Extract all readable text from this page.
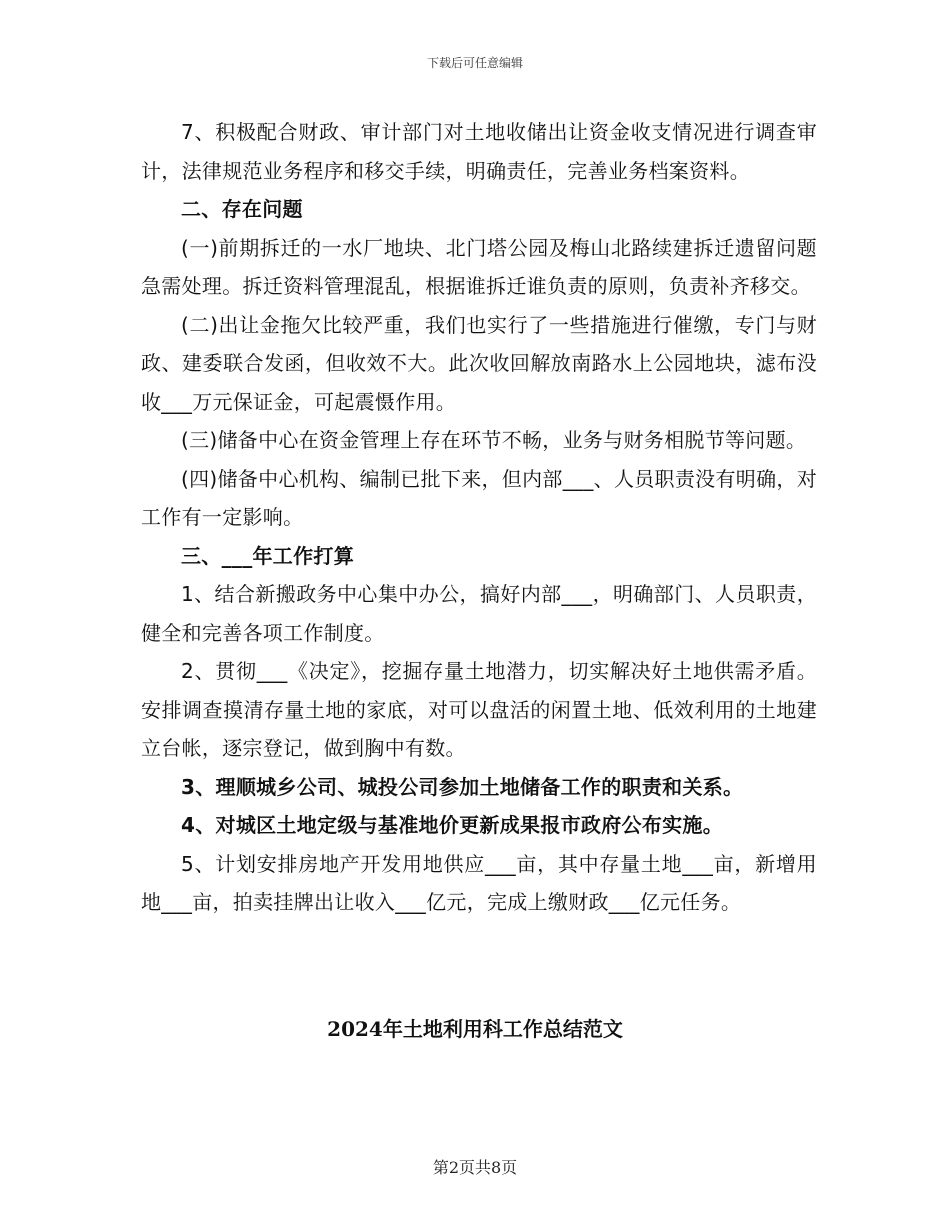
下载后可任意编辑

7、积极配合财政、审计部门对土地收储出让资金收支情况进行调查审计，法律规范业务程序和移交手续，明确责任，完善业务档案资料。

二、存在问题

(一)前期拆迁的一水厂地块、北门塔公园及梅山北路续建拆迁遗留问题急需处理。拆迁资料管理混乱，根据谁拆迁谁负责的原则，负责补齐移交。

(二)出让金拖欠比较严重，我们也实行了一些措施进行催缴，专门与财政、建委联合发函，但收效不大。此次收回解放南路水上公园地块，滤布没收___万元保证金，可起震慑作用。

(三)储备中心在资金管理上存在环节不畅，业务与财务相脱节等问题。

(四)储备中心机构、编制已批下来，但内部___、人员职责没有明确，对工作有一定影响。

三、___年工作打算

1、结合新搬政务中心集中办公，搞好内部___，明确部门、人员职责，健全和完善各项工作制度。

2、贯彻___《决定》，挖掘存量土地潜力，切实解决好土地供需矛盾。安排调查摸清存量土地的家底，对可以盘活的闲置土地、低效利用的土地建立台帐，逐宗登记，做到胸中有数。

3、理顺城乡公司、城投公司参加土地储备工作的职责和关系。

4、对城区土地定级与基准地价更新成果报市政府公布实施。

5、计划安排房地产开发用地供应___亩，其中存量土地___亩，新增用地___亩，拍卖挂牌出让收入___亿元，完成上缴财政___亿元任务。

2024年土地利用科工作总结范文
第2页共8页
